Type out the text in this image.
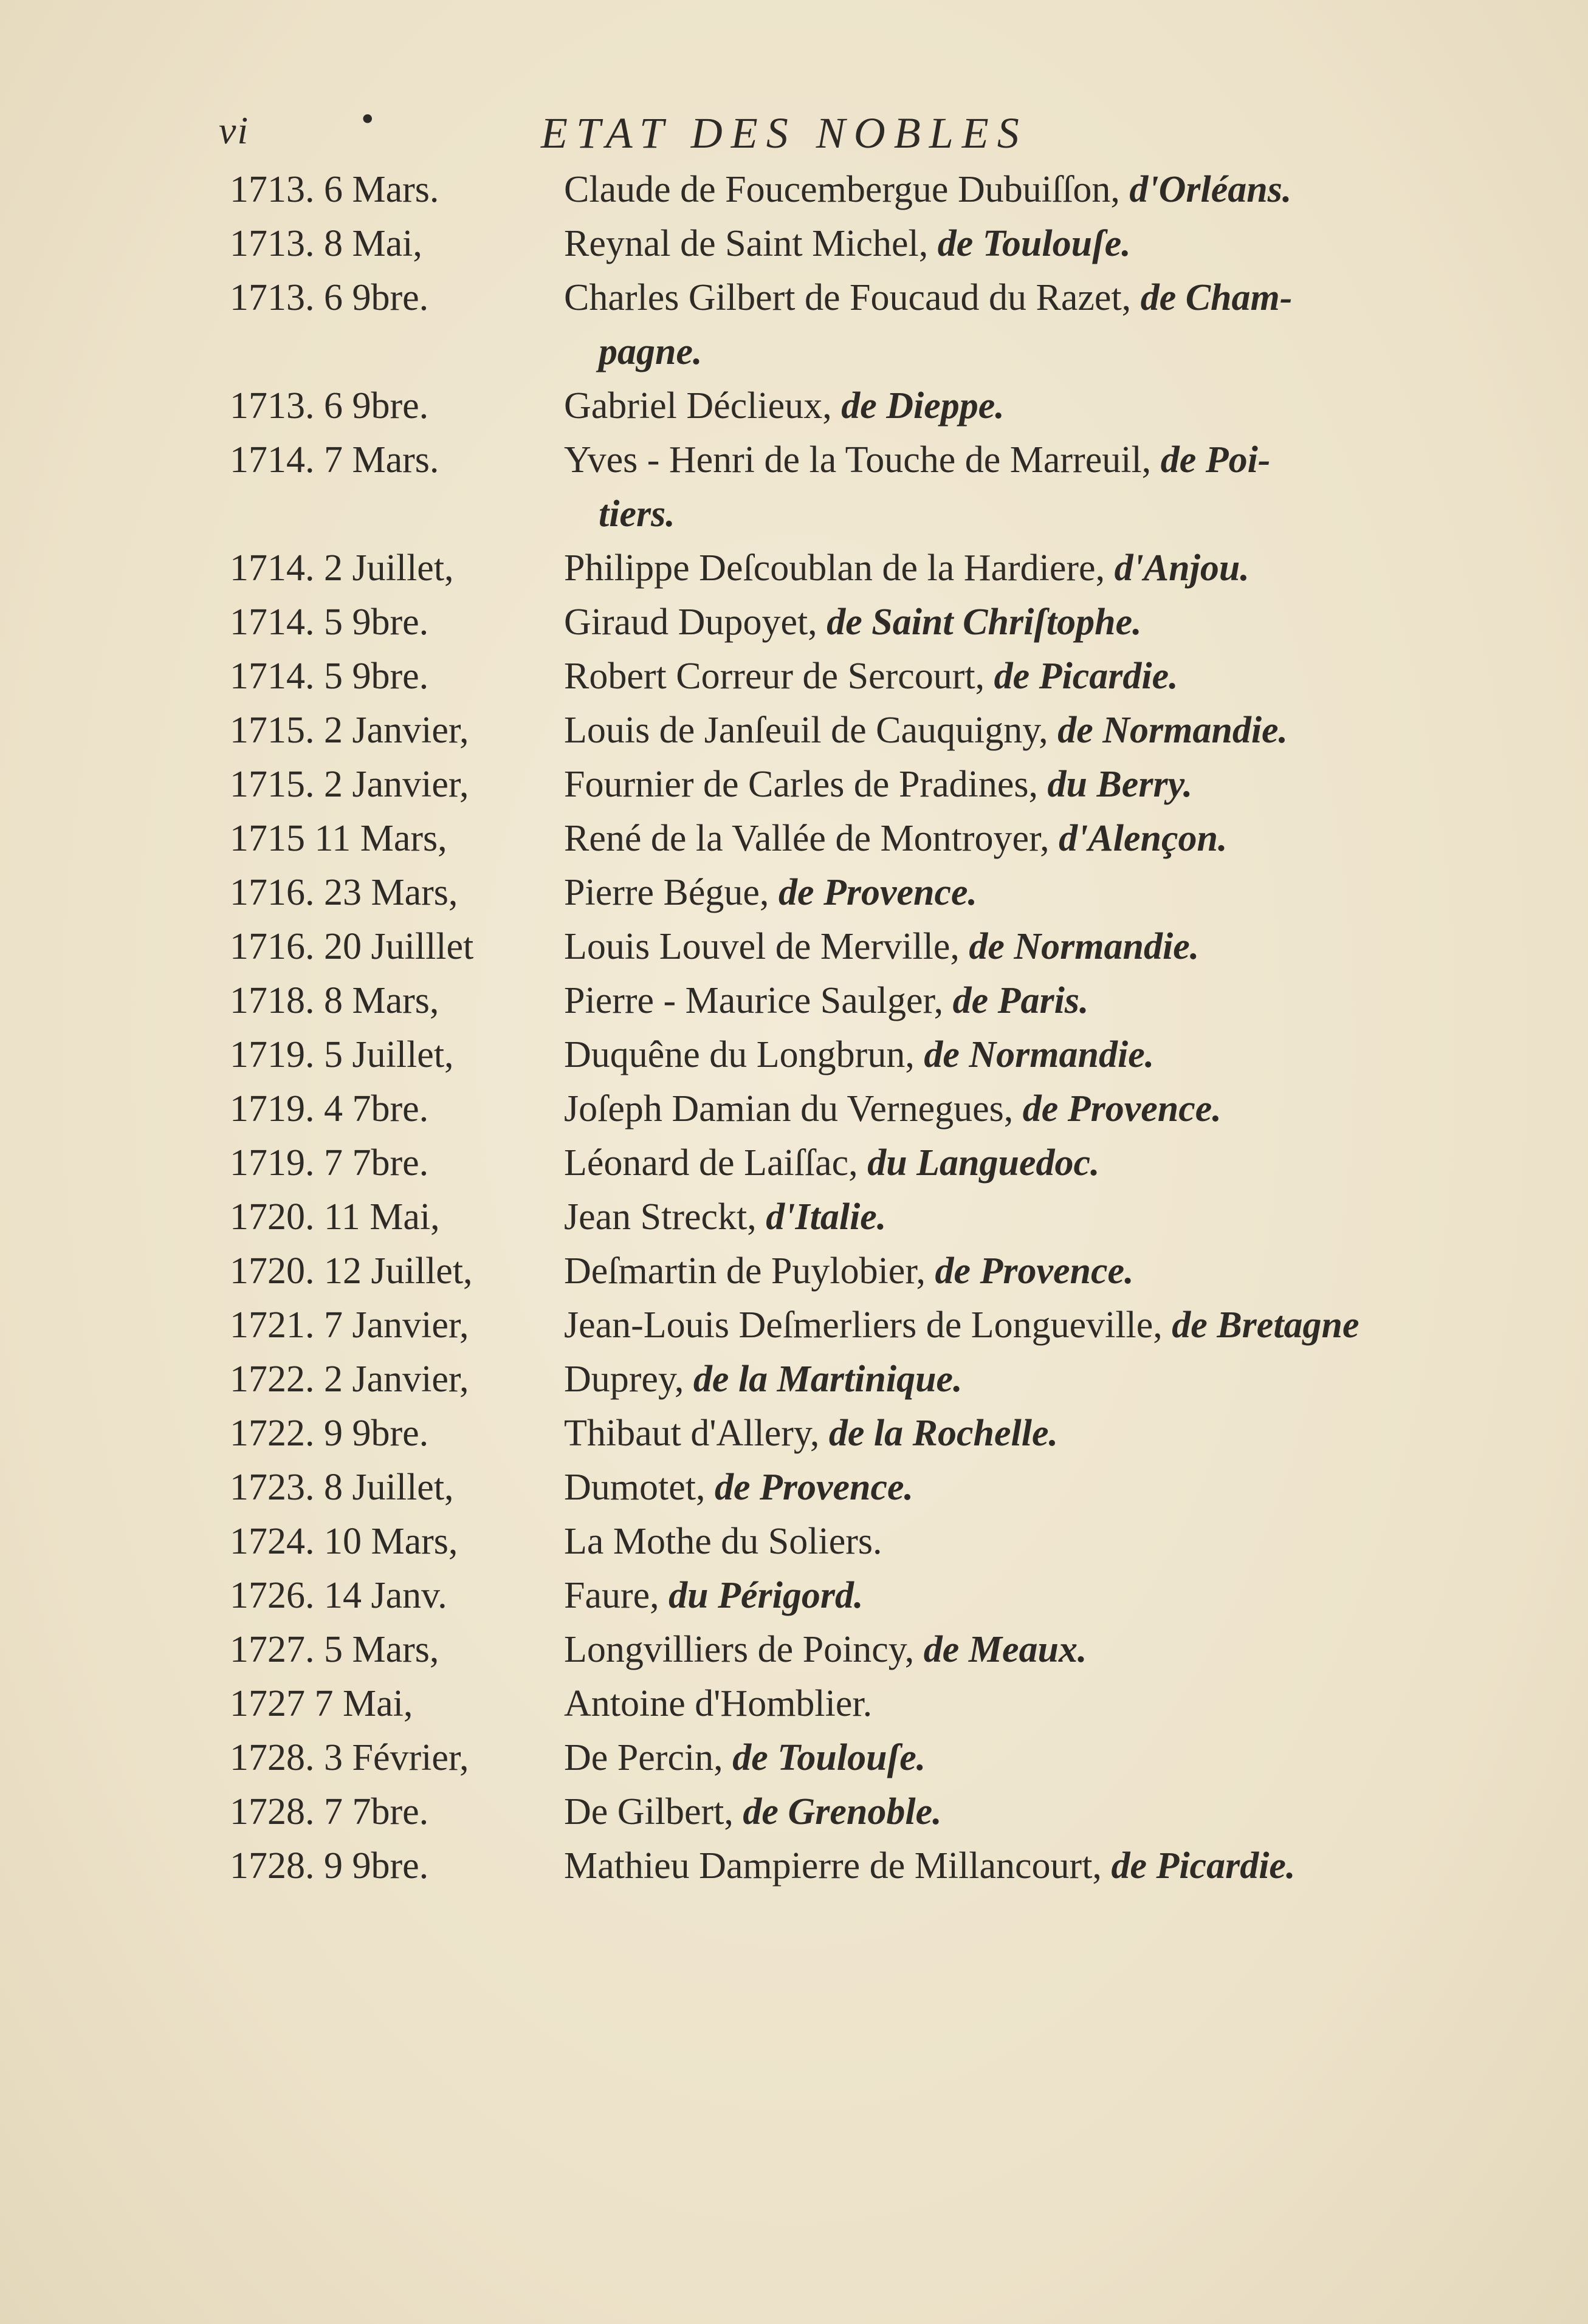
vi	•	ETAT DES NOBLES
1713. 6 Mars.	Claude de Foucembergue Dubuiſſon, d'Orléans.
1713. 8 Mai,	Reynal de Saint Michel, de Toulouſe.
1713. 6 9bre.	Charles Gilbert de Foucaud du Razet, de Cham-
pagne.
1713. 6 9bre.	Gabriel Déclieux, de Dieppe.
1714. 7 Mars.	Yves - Henri de la Touche de Marreuil, de Poi-
tiers.
1714. 2 Juillet,	Philippe Deſcoublan de la Hardiere, d'Anjou.
1714. 5 9bre.	Giraud Dupoyet, de Saint Chriſtophe.
1714. 5 9bre.	Robert Correur de Sercourt, de Picardie.
1715. 2 Janvier,	Louis de Janſeuil de Cauquigny, de Normandie.
1715. 2 Janvier,	Fournier de Carles de Pradines, du Berry.
1715 11 Mars,	René de la Vallée de Montroyer, d'Alençon.
1716. 23 Mars,	Pierre Bégue, de Provence.
1716. 20 Juilllet Louis Louvel de Merville, de Normandie.
1718. 8 Mars,	Pierre - Maurice Saulger, de Paris.
1719. 5 Juillet,	Duquêne du Longbrun, de Normandie.
1719. 4 7bre.	Joſeph Damian du Vernegues, de Provence.
1719. 7 7bre.	Léonard de Laiſſac, du Languedoc.
1720. 11 Mai,	Jean Streckt, d'Italie.
1720. 12 Juillet, Deſmartin de Puylobier, de Provence.
1721. 7 Janvier,	Jean-Louis Deſmerliers de Longueville, de Bretagne
1722. 2 Janvier,	Duprey, de la Martinique.
1722. 9 9bre.	Thibaut d'Allery, de la Rochelle.
1723. 8 Juillet,	Dumotet, de Provence.
1724. 10 Mars,	La Mothe du Soliers.
1726. 14 Janv.	Faure, du Périgord.
1727. 5 Mars,	Longvilliers de Poincy, de Meaux.
1727 7 Mai,	Antoine d'Homblier.
1728. 3 Février,	De Percin, de Toulouſe.
1728. 7 7bre.	De Gilbert, de Grenoble.
1728. 9 9bre.	Mathieu Dampierre de Millancourt, de Picardie.
